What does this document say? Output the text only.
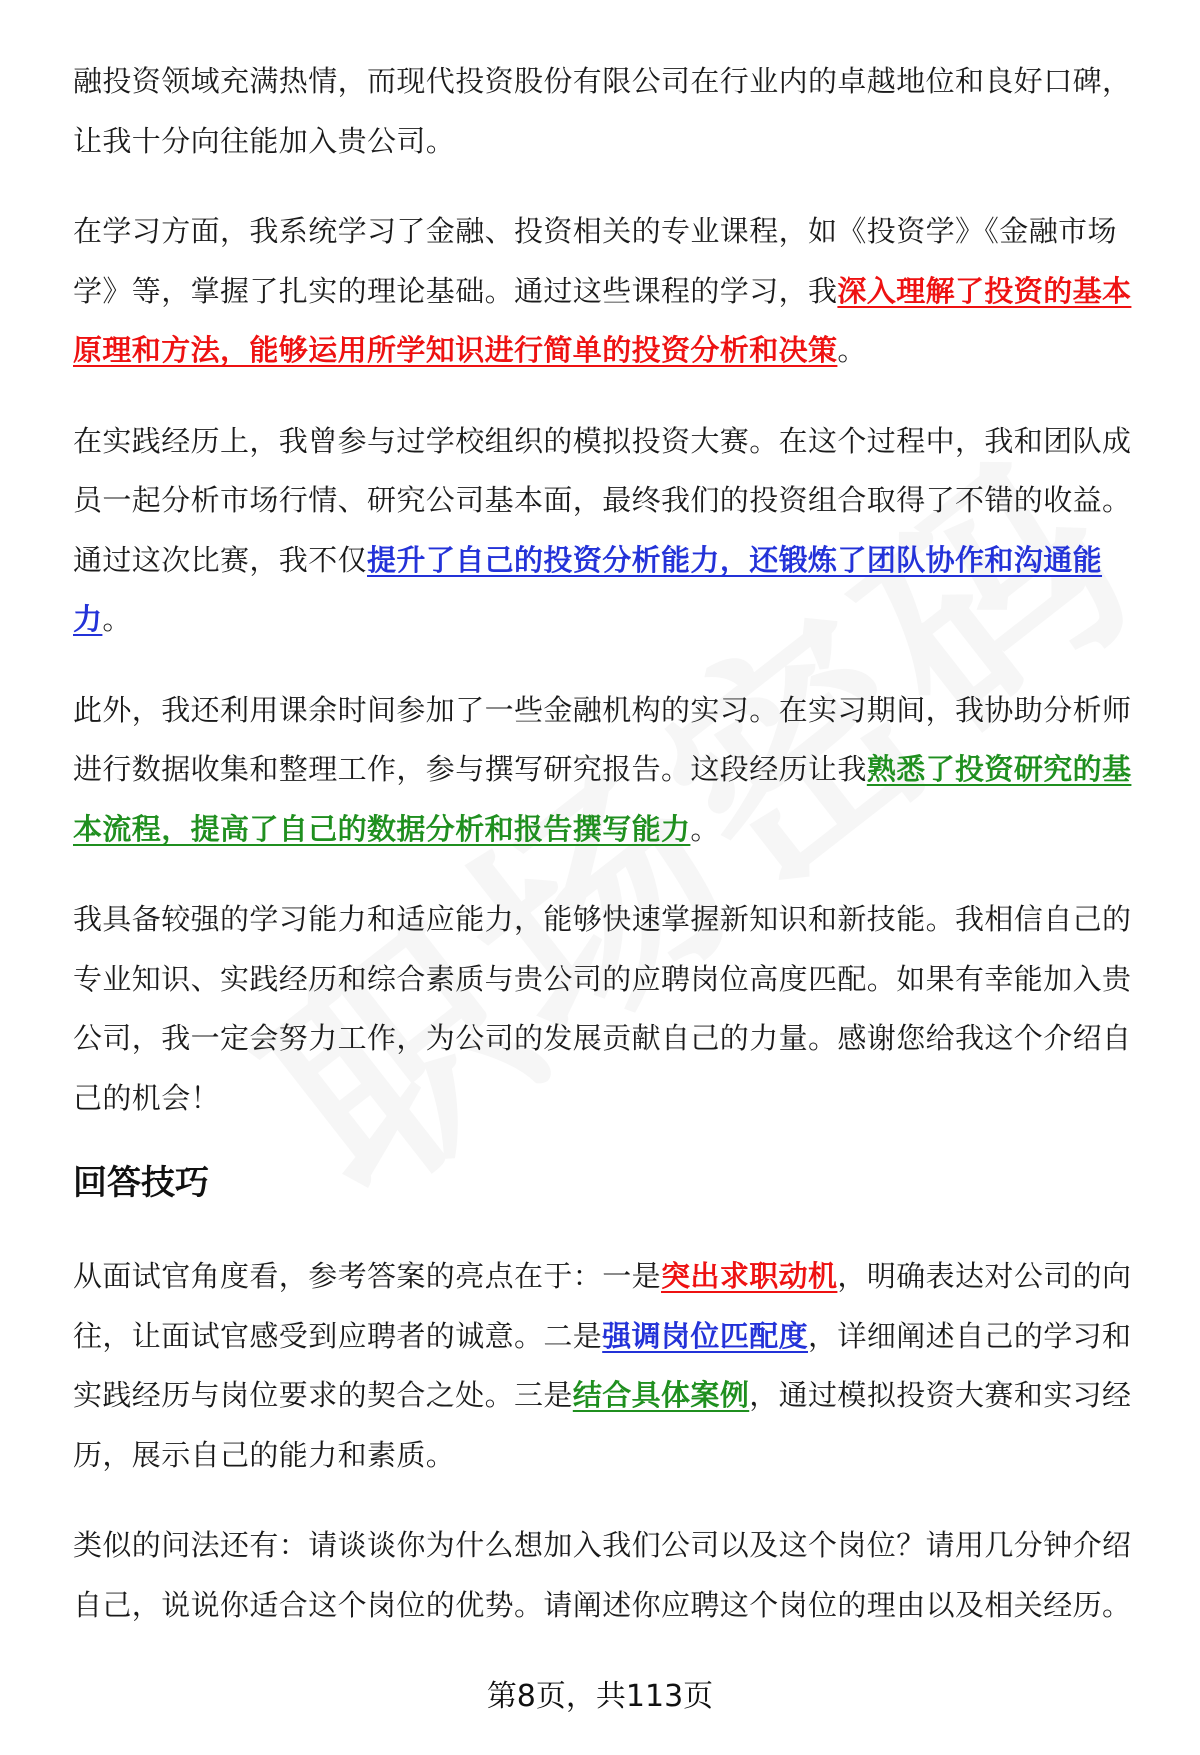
融投资领域充满热情，而现代投资股份有限公司在行业内的卓越地位和良好口碑，让我十分向往能加入贵公司。

在学习方面，我系统学习了金融、投资相关的专业课程，如《投资学》《金融市场学》等，掌握了扎实的理论基础。通过这些课程的学习，我深入理解了投资的基本原理和方法，能够运用所学知识进行简单的投资分析和决策。

在实践经历上，我曾参与过学校组织的模拟投资大赛。在这个过程中，我和团队成员一起分析市场行情、研究公司基本面，最终我们的投资组合取得了不错的收益。通过这次比赛，我不仅提升了自己的投资分析能力，还锻炼了团队协作和沟通能力。

此外，我还利用课余时间参加了一些金融机构的实习。在实习期间，我协助分析师进行数据收集和整理工作，参与撰写研究报告。这段经历让我熟悉了投资研究的基本流程，提高了自己的数据分析和报告撰写能力。

我具备较强的学习能力和适应能力，能够快速掌握新知识和新技能。我相信自己的专业知识、实践经历和综合素质与贵公司的应聘岗位高度匹配。如果有幸能加入贵公司，我一定会努力工作，为公司的发展贡献自己的力量。感谢您给我这个介绍自己的机会！

回答技巧

从面试官角度看，参考答案的亮点在于：一是突出求职动机，明确表达对公司的向往，让面试官感受到应聘者的诚意。二是强调岗位匹配度，详细阐述自己的学习和实践经历与岗位要求的契合之处。三是结合具体案例，通过模拟投资大赛和实习经历，展示自己的能力和素质。

类似的问法还有：请谈谈你为什么想加入我们公司以及这个岗位？请用几分钟介绍自己，说说你适合这个岗位的优势。请阐述你应聘这个岗位的理由以及相关经历。

第8页，共113页
